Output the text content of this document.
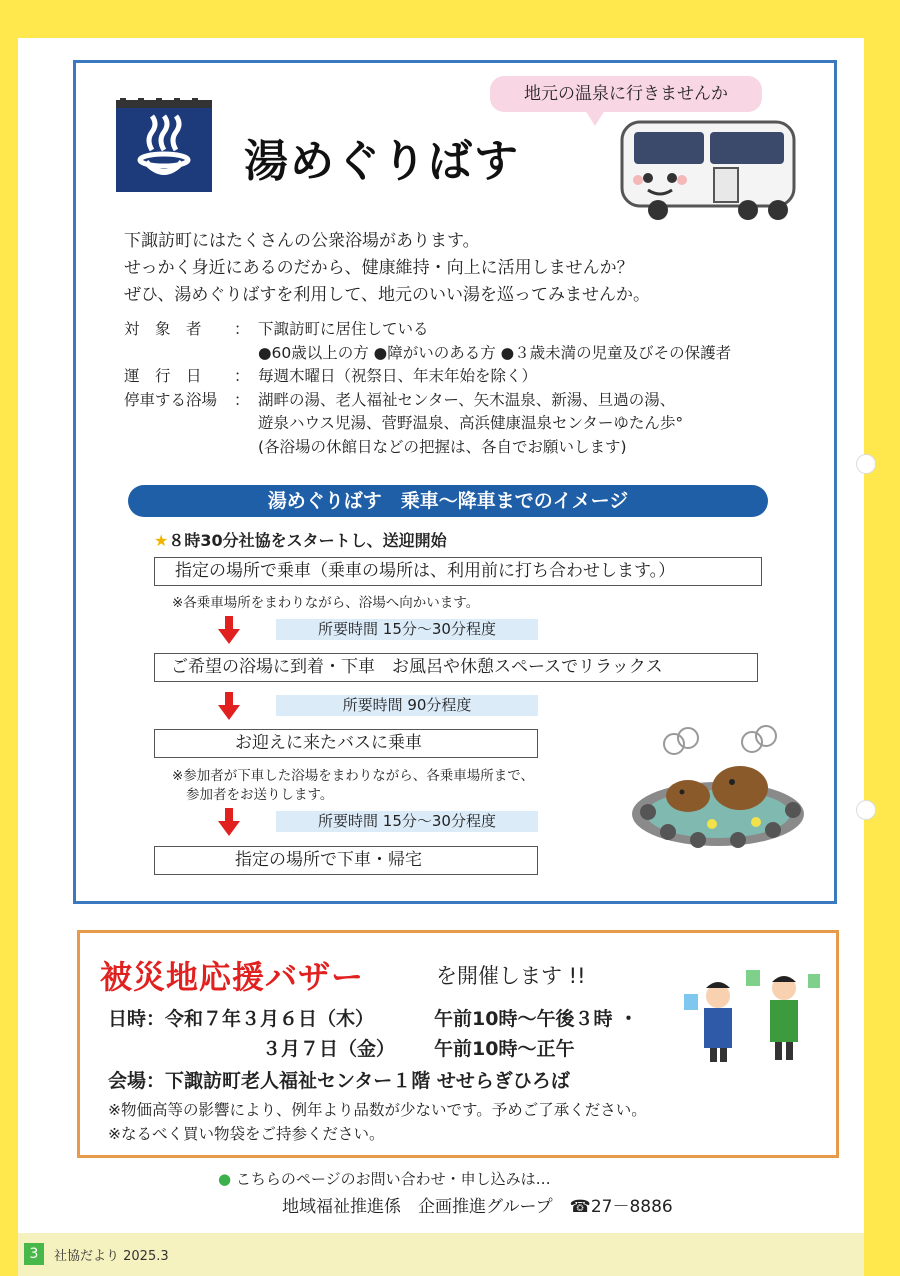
地元の温泉に行きませんか
湯めぐりばす
下諏訪町にはたくさんの公衆浴場があります。
せっかく身近にあるのだから、健康維持・向上に活用しませんか？
ぜひ、湯めぐりばすを利用して、地元のいい湯を巡ってみませんか。
対　象　者	： 下諏訪町に居住している
●60歳以上の方 ●障がいのある方 ●３歳未満の児童及びその保護者
運　行　日	： 毎週木曜日（祝祭日、年末年始を除く）
停車する浴場	： 湖畔の湯、老人福祉センター、矢木温泉、新湯、旦過の湯、
遊泉ハウス児湯、菅野温泉、高浜健康温泉センターゆたん歩°
(各浴場の休館日などの把握は、各自でお願いします)
湯めぐりばす　乗車～降車までのイメージ
★８時30分社協をスタートし、送迎開始
指定の場所で乗車（乗車の場所は、利用前に打ち合わせします。）
※各乗車場所をまわりながら、浴場へ向かいます。
所要時間 15分～30分程度
ご希望の浴場に到着・下車　お風呂や休憩スペースでリラックス
所要時間 90分程度
お迎えに来たバスに乗車
※参加者が下車した浴場をまわりながら、各乗車場所まで、
参加者をお送りします。
所要時間 15分～30分程度
指定の場所で下車・帰宅
被災地応援バザー	を開催します !!
日時：令和７年３月６日（木）	午前10時～午後３時 ・
３月７日（金） 午前10時～正午
会場：下諏訪町老人福祉センター１階 せせらぎひろば
※物価高等の影響により、例年より品数が少ないです。予めご了承ください。
※なるべく買い物袋をご持参ください。
● こちらのページのお問い合わせ・申し込みは…
地域福祉推進係　企画推進グループ　☎27－8886
3	社協だより 2025.3
